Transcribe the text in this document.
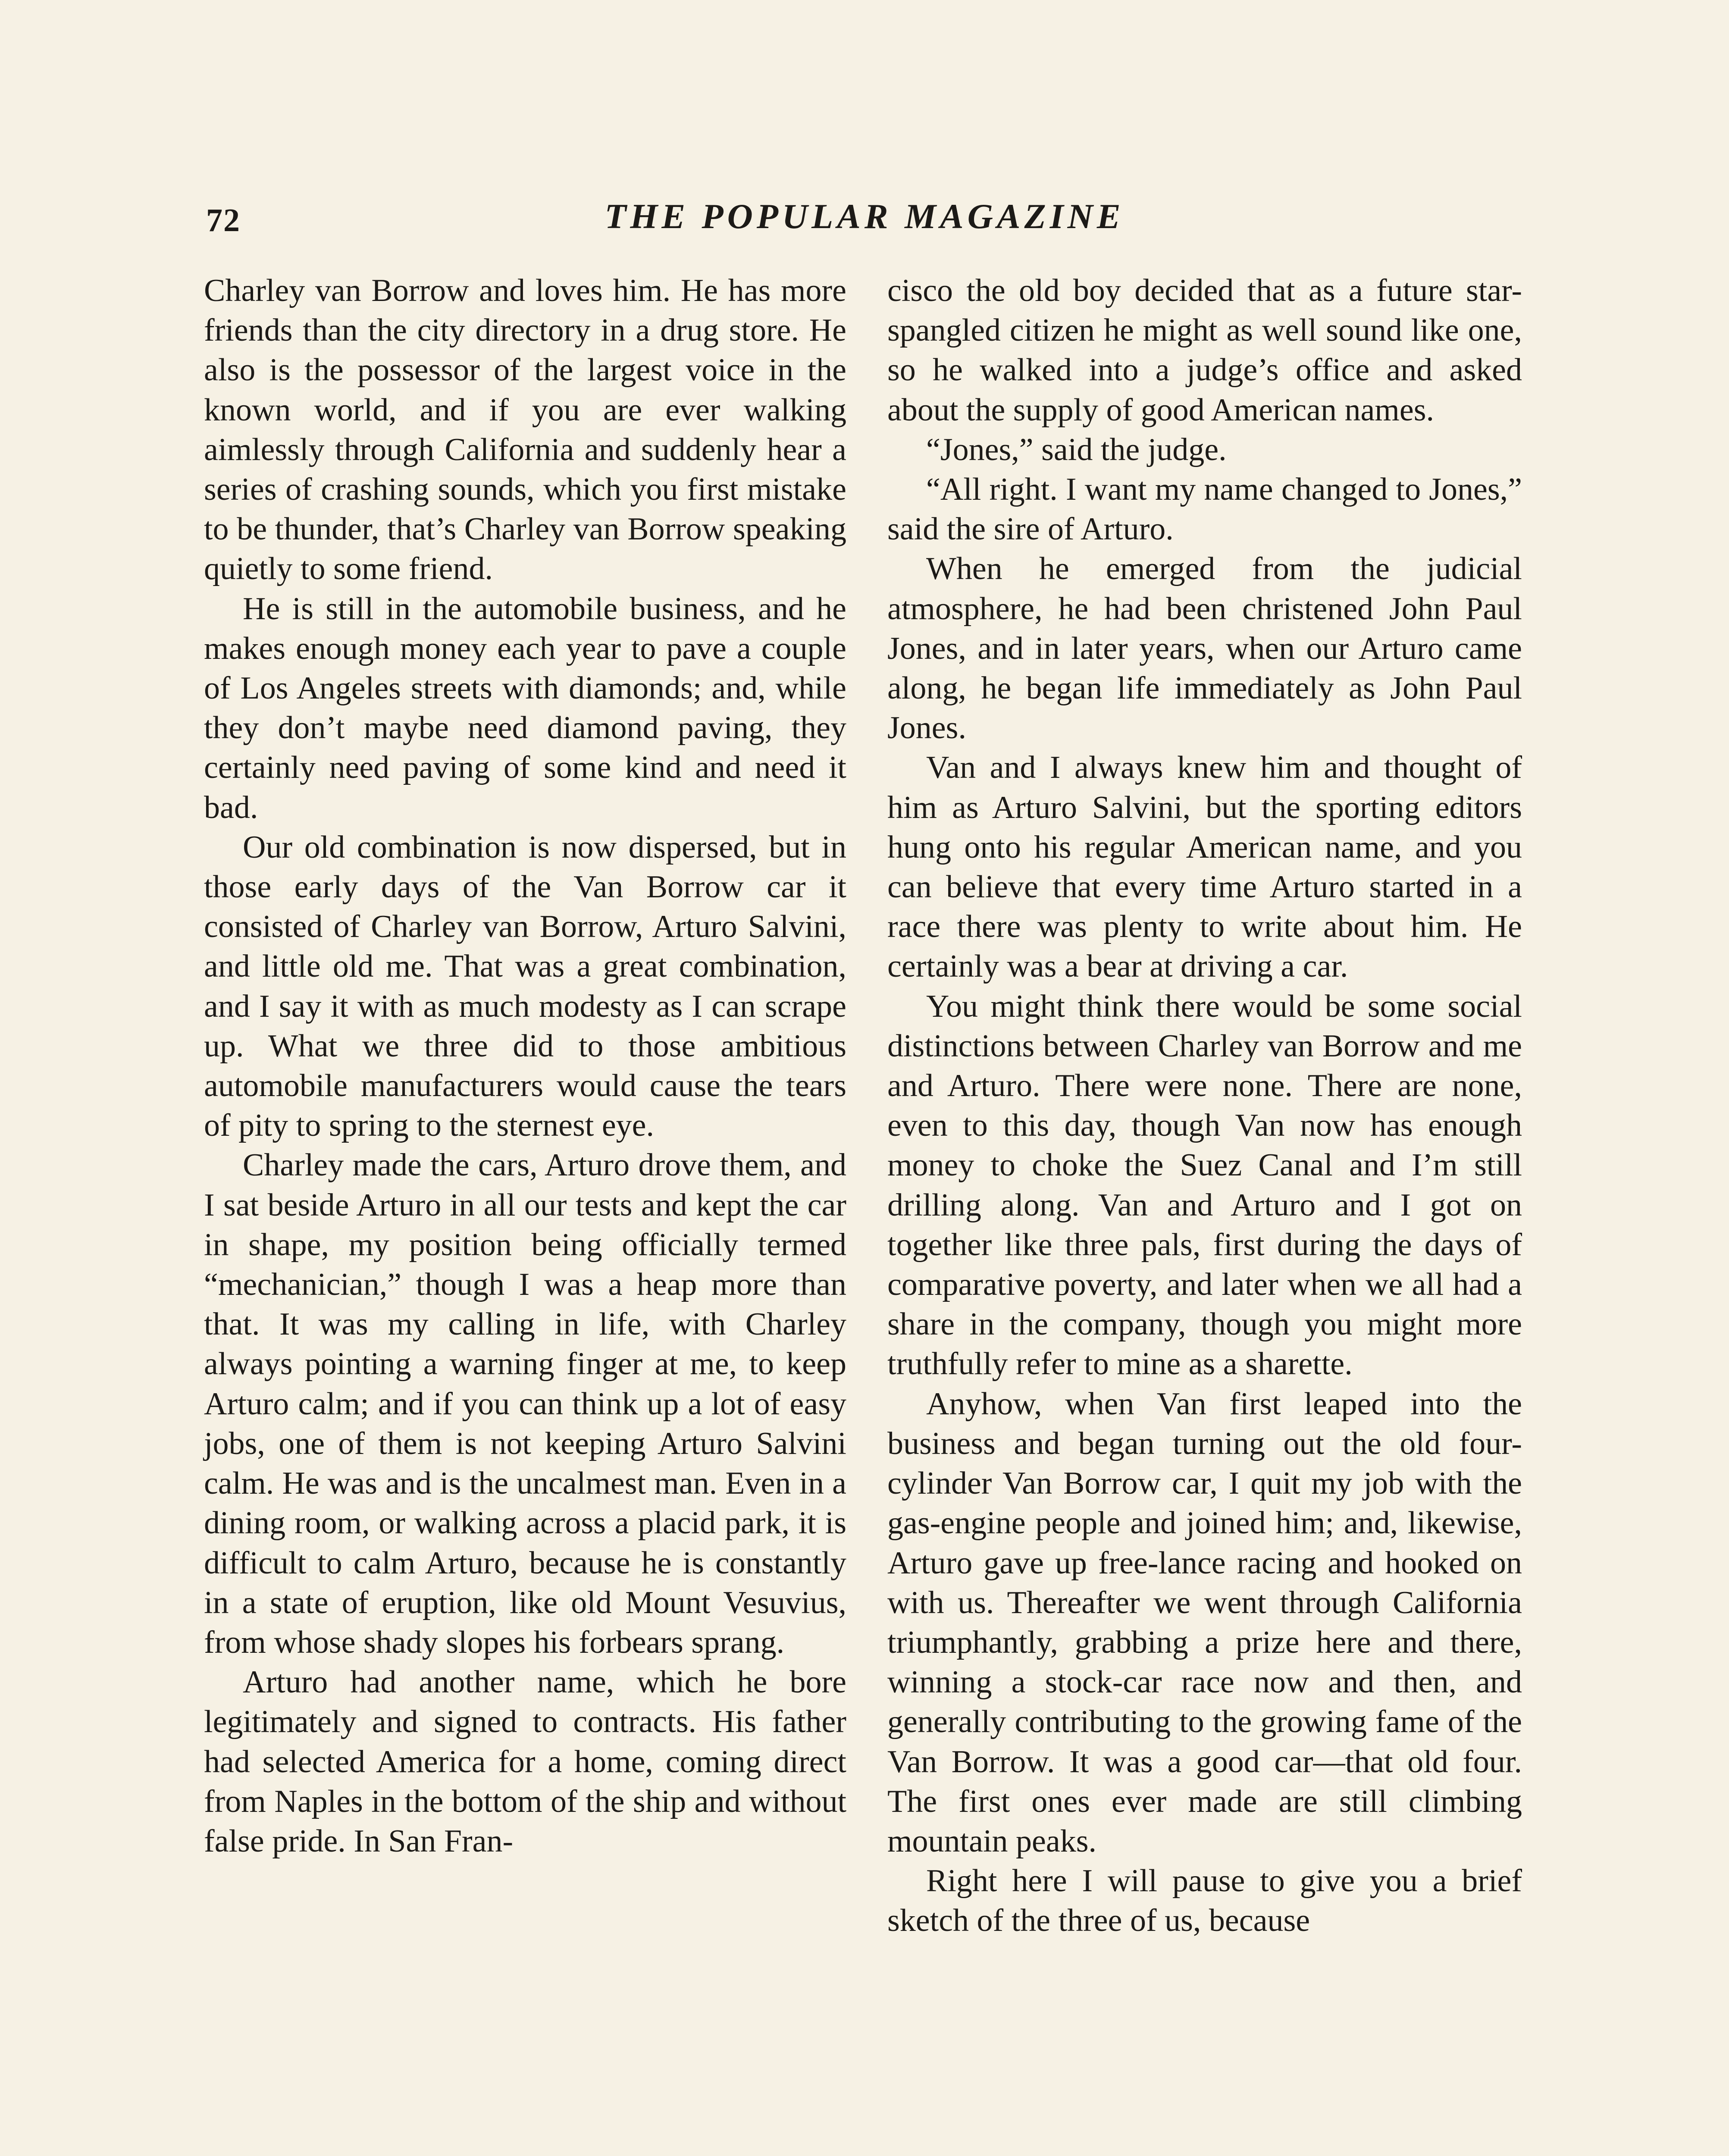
72	THE POPULAR MAGAZINE

Charley van Borrow and loves him. He has more friends than the city directory in a drug store. He also is the possessor of the largest voice in the known world, and if you are ever walking aimlessly through California and suddenly hear a series of crashing sounds, which you first mistake to be thunder, that’s Charley van Borrow speaking quietly to some friend.

He is still in the automobile business, and he makes enough money each year to pave a couple of Los Angeles streets with diamonds; and, while they don’t maybe need diamond paving, they certainly need paving of some kind and need it bad.

Our old combination is now dispersed, but in those early days of the Van Borrow car it consisted of Charley van Borrow, Arturo Salvini, and little old me. That was a great combination, and I say it with as much modesty as I can scrape up. What we three did to those ambitious automobile manufacturers would cause the tears of pity to spring to the sternest eye.

Charley made the cars, Arturo drove them, and I sat beside Arturo in all our tests and kept the car in shape, my position being officially termed “mechanician,” though I was a heap more than that. It was my calling in life, with Charley always pointing a warning finger at me, to keep Arturo calm; and if you can think up a lot of easy jobs, one of them is not keeping Arturo Salvini calm. He was and is the uncalmest man. Even in a dining room, or walking across a placid park, it is difficult to calm Arturo, because he is constantly in a state of eruption, like old Mount Vesuvius, from whose shady slopes his forbears sprang.

Arturo had another name, which he bore legitimately and signed to contracts. His father had selected America for a home, coming direct from Naples in the bottom of the ship and without false pride. In San Fran-

cisco the old boy decided that as a future star-spangled citizen he might as well sound like one, so he walked into a judge’s office and asked about the supply of good American names.

“Jones,” said the judge.

“All right. I want my name changed to Jones,” said the sire of Arturo.

When he emerged from the judicial atmosphere, he had been christened John Paul Jones, and in later years, when our Arturo came along, he began life immediately as John Paul Jones.

Van and I always knew him and thought of him as Arturo Salvini, but the sporting editors hung onto his regular American name, and you can believe that every time Arturo started in a race there was plenty to write about him. He certainly was a bear at driving a car.

You might think there would be some social distinctions between Charley van Borrow and me and Arturo. There were none. There are none, even to this day, though Van now has enough money to choke the Suez Canal and I’m still drilling along. Van and Arturo and I got on together like three pals, first during the days of comparative poverty, and later when we all had a share in the company, though you might more truthfully refer to mine as a sharette.

Anyhow, when Van first leaped into the business and began turning out the old four-cylinder Van Borrow car, I quit my job with the gas-engine people and joined him; and, likewise, Arturo gave up free-lance racing and hooked on with us. Thereafter we went through California triumphantly, grabbing a prize here and there, winning a stock-car race now and then, and generally contributing to the growing fame of the Van Borrow. It was a good car—that old four. The first ones ever made are still climbing mountain peaks.

Right here I will pause to give you a brief sketch of the three of us, because
